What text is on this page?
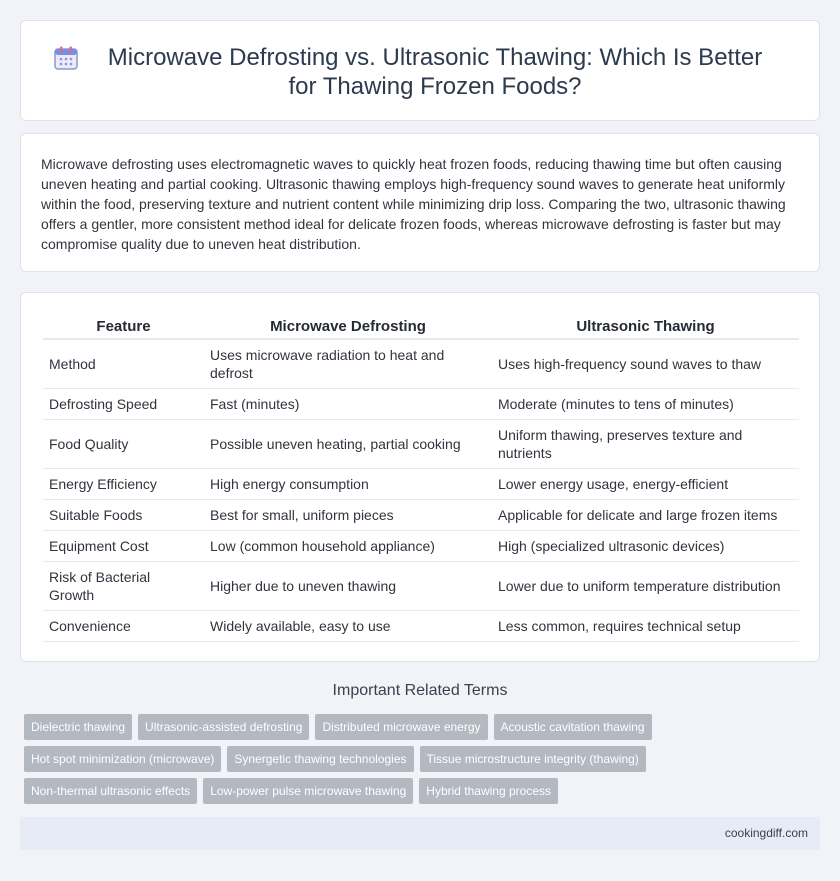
Microwave Defrosting vs. Ultrasonic Thawing: Which Is Better for Thawing Frozen Foods?

Microwave defrosting uses electromagnetic waves to quickly heat frozen foods, reducing thawing time but often causing uneven heating and partial cooking. Ultrasonic thawing employs high-frequency sound waves to generate heat uniformly within the food, preserving texture and nutrient content while minimizing drip loss. Comparing the two, ultrasonic thawing offers a gentler, more consistent method ideal for delicate frozen foods, whereas microwave defrosting is faster but may compromise quality due to uneven heat distribution.

Feature	Microwave Defrosting	Ultrasonic Thawing
Method	Uses microwave radiation to heat and defrost	Uses high-frequency sound waves to thaw
Defrosting Speed	Fast (minutes)	Moderate (minutes to tens of minutes)
Food Quality	Possible uneven heating, partial cooking	Uniform thawing, preserves texture and nutrients
Energy Efficiency	High energy consumption	Lower energy usage, energy-efficient
Suitable Foods	Best for small, uniform pieces	Applicable for delicate and large frozen items
Equipment Cost	Low (common household appliance)	High (specialized ultrasonic devices)
Risk of Bacterial Growth	Higher due to uneven thawing	Lower due to uniform temperature distribution
Convenience	Widely available, easy to use	Less common, requires technical setup
Important Related Terms
Dielectric thawing	Ultrasonic-assisted defrosting	Distributed microwave energy	Acoustic cavitation thawing
Hot spot minimization (microwave)	Synergetic thawing technologies	Tissue microstructure integrity (thawing)
Non-thermal ultrasonic effects	Low-power pulse microwave thawing	Hybrid thawing process
cookingdiff.com
